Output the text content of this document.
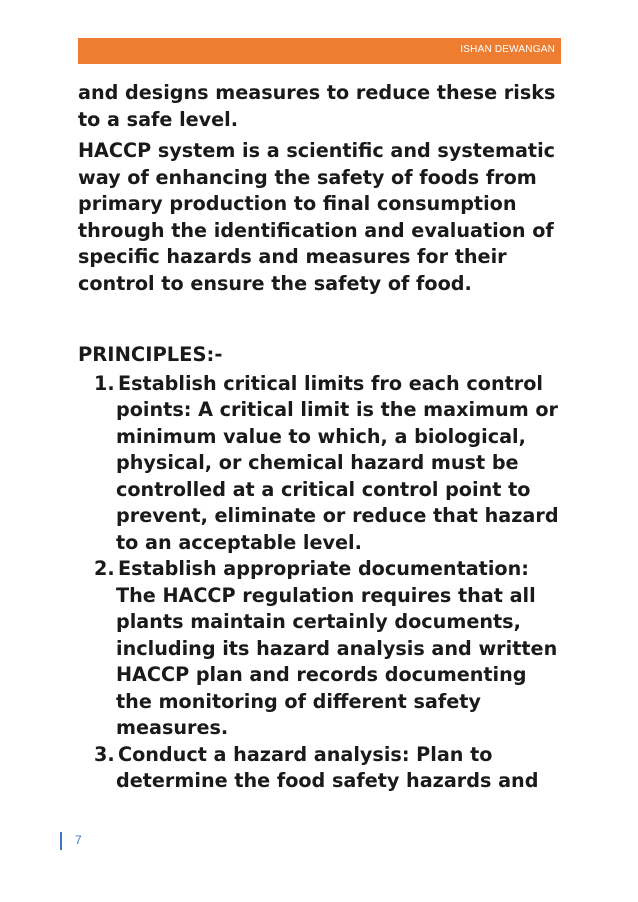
ISHAN DEWANGAN

and designs measures to reduce these risks to a safe level.

HACCP system is a scientific and systematic way of enhancing the safety of foods from primary production to final consumption through the identification and evaluation of specific hazards and measures for their control to ensure the safety of food.

PRINCIPLES:-

1. Establish critical limits fro each control points: A critical limit is the maximum or minimum value to which, a biological, physical, or chemical hazard must be controlled at a critical control point to prevent, eliminate or reduce that hazard to an acceptable level.
2. Establish appropriate documentation: The HACCP regulation requires that all plants maintain certainly documents, including its hazard analysis and written HACCP plan and records documenting the monitoring of different safety measures.
3. Conduct a hazard analysis: Plan to determine the food safety hazards and
7
